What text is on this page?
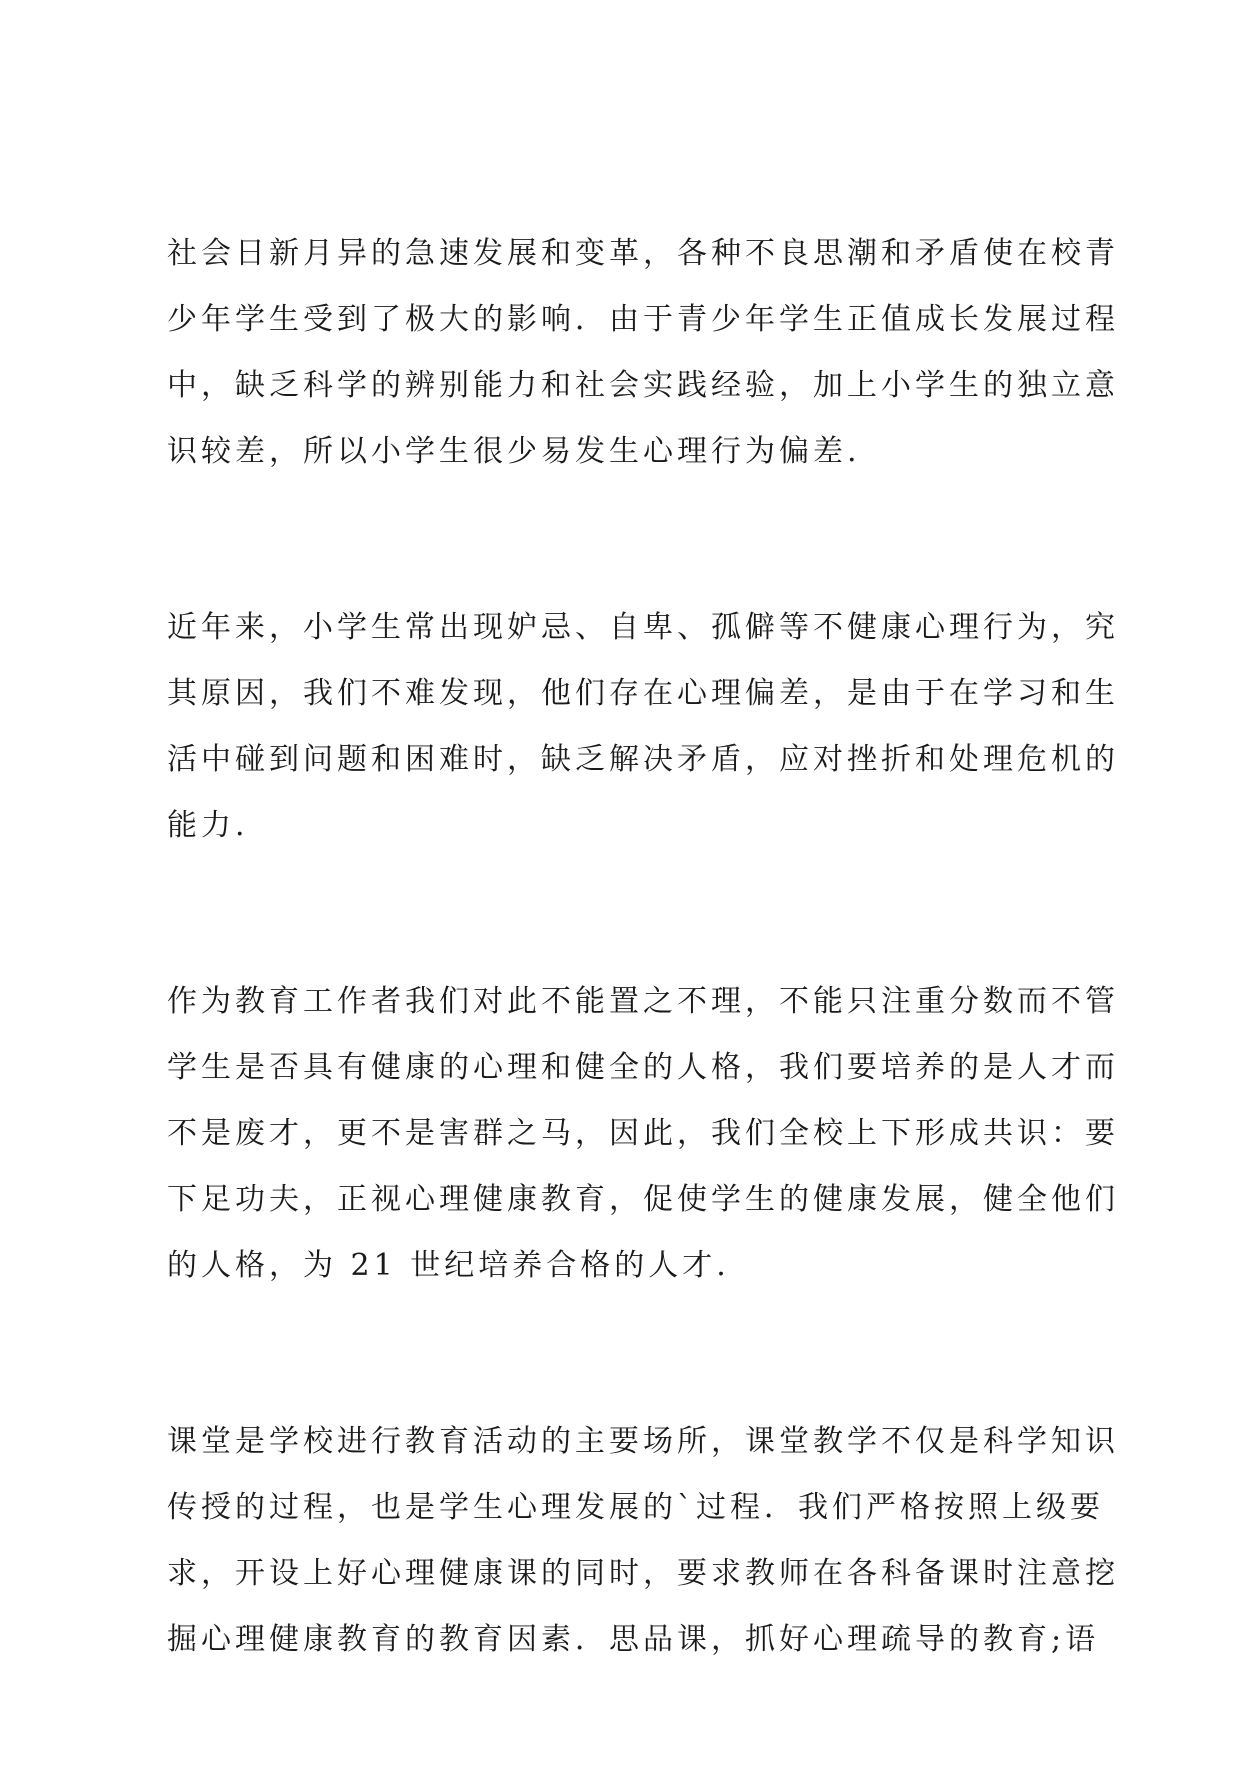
社会日新月异的急速发展和变革，各种不良思潮和矛盾使在校青
少年学生受到了极大的影响．由于青少年学生正值成长发展过程
中，缺乏科学的辨别能力和社会实践经验，加上小学生的独立意
识较差，所以小学生很少易发生心理行为偏差.

近年来，小学生常出现妒忌、自卑、孤僻等不健康心理行为，究
其原因，我们不难发现，他们存在心理偏差，是由于在学习和生
活中碰到问题和困难时，缺乏解决矛盾，应对挫折和处理危机的
能力.

作为教育工作者我们对此不能置之不理，不能只注重分数而不管
学生是否具有健康的心理和健全的人格，我们要培养的是人才而
不是废才，更不是害群之马，因此，我们全校上下形成共识：要
下足功夫，正视心理健康教育，促使学生的健康发展，健全他们
的人格，为 21 世纪培养合格的人才.

课堂是学校进行教育活动的主要场所，课堂教学不仅是科学知识
传授的过程，也是学生心理发展的`过程．我们严格按照上级要
求，开设上好心理健康课的同时，要求教师在各科备课时注意挖
掘心理健康教育的教育因素．思品课，抓好心理疏导的教育;语
